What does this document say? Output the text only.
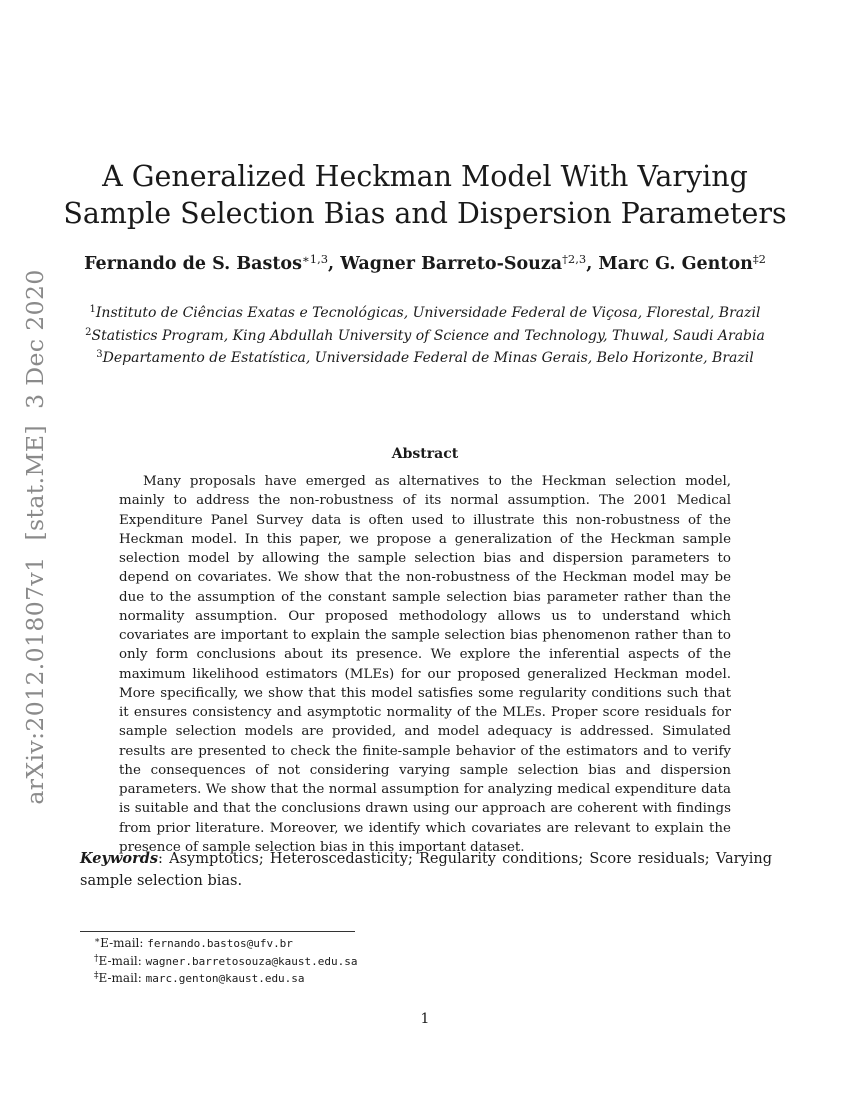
arXiv:2012.01807v1[stat.ME]3 Dec 2020
A Generalized Heckman Model With Varying
Sample Selection Bias and Dispersion Parameters
Fernando de S. Bastos$^{∗1,3}$, Wagner Barreto-Souza$^{\dagger 2,3}$, Marc G. Genton$^{\ddagger 2}$
$^1$Instituto de Ciências Exatas e Tecnológicas, Universidade Federal de Viçosa, Florestal, Brazil
$^2$Statistics Program, King Abdullah University of Science and Technology, Thuwal, Saudi Arabia
$^3$Departamento de Estatística, Universidade Federal de Minas Gerais, Belo Horizonte, Brazil
Abstract

Many proposals have emerged as alternatives to the Heckman selection model, mainly to address the non-robustness of its normal assumption. The 2001 Medical Expenditure Panel Survey data is often used to illustrate this non-robustness of the Heckman model. In this paper, we propose a generalization of the Heckman sample selection model by allowing the sample selection bias and dispersion parameters to depend on covariates. We show that the non-robustness of the Heckman model may be due to the assumption of the constant sample selection bias parameter rather than the normality assumption. Our proposed methodology allows us to understand which covariates are important to explain the sample selection bias phenomenon rather than to only form conclusions about its presence. We explore the inferential aspects of the maximum likelihood estimators (MLEs) for our proposed generalized Heckman model. More specifically, we show that this model satisfies some regularity conditions such that it ensures consistency and asymptotic normality of the MLEs. Proper score residuals for sample selection models are provided, and model adequacy is addressed. Simulated results are presented to check the finite-sample behavior of the estimators and to verify the consequences of not considering varying sample selection bias and dispersion parameters. We show that the normal assumption for analyzing medical expenditure data is suitable and that the conclusions drawn using our approach are coherent with findings from prior literature. Moreover, we identify which covariates are relevant to explain the presence of sample selection bias in this important dataset.

Keywords: Asymptotics; Heteroscedasticity; Regularity conditions; Score residuals; Varying sample selection bias.

∗E-mail: fernando.bastos@ufv.br
†E-mail: wagner.barretosouza@kaust.edu.sa
‡E-mail: marc.genton@kaust.edu.sa
1
